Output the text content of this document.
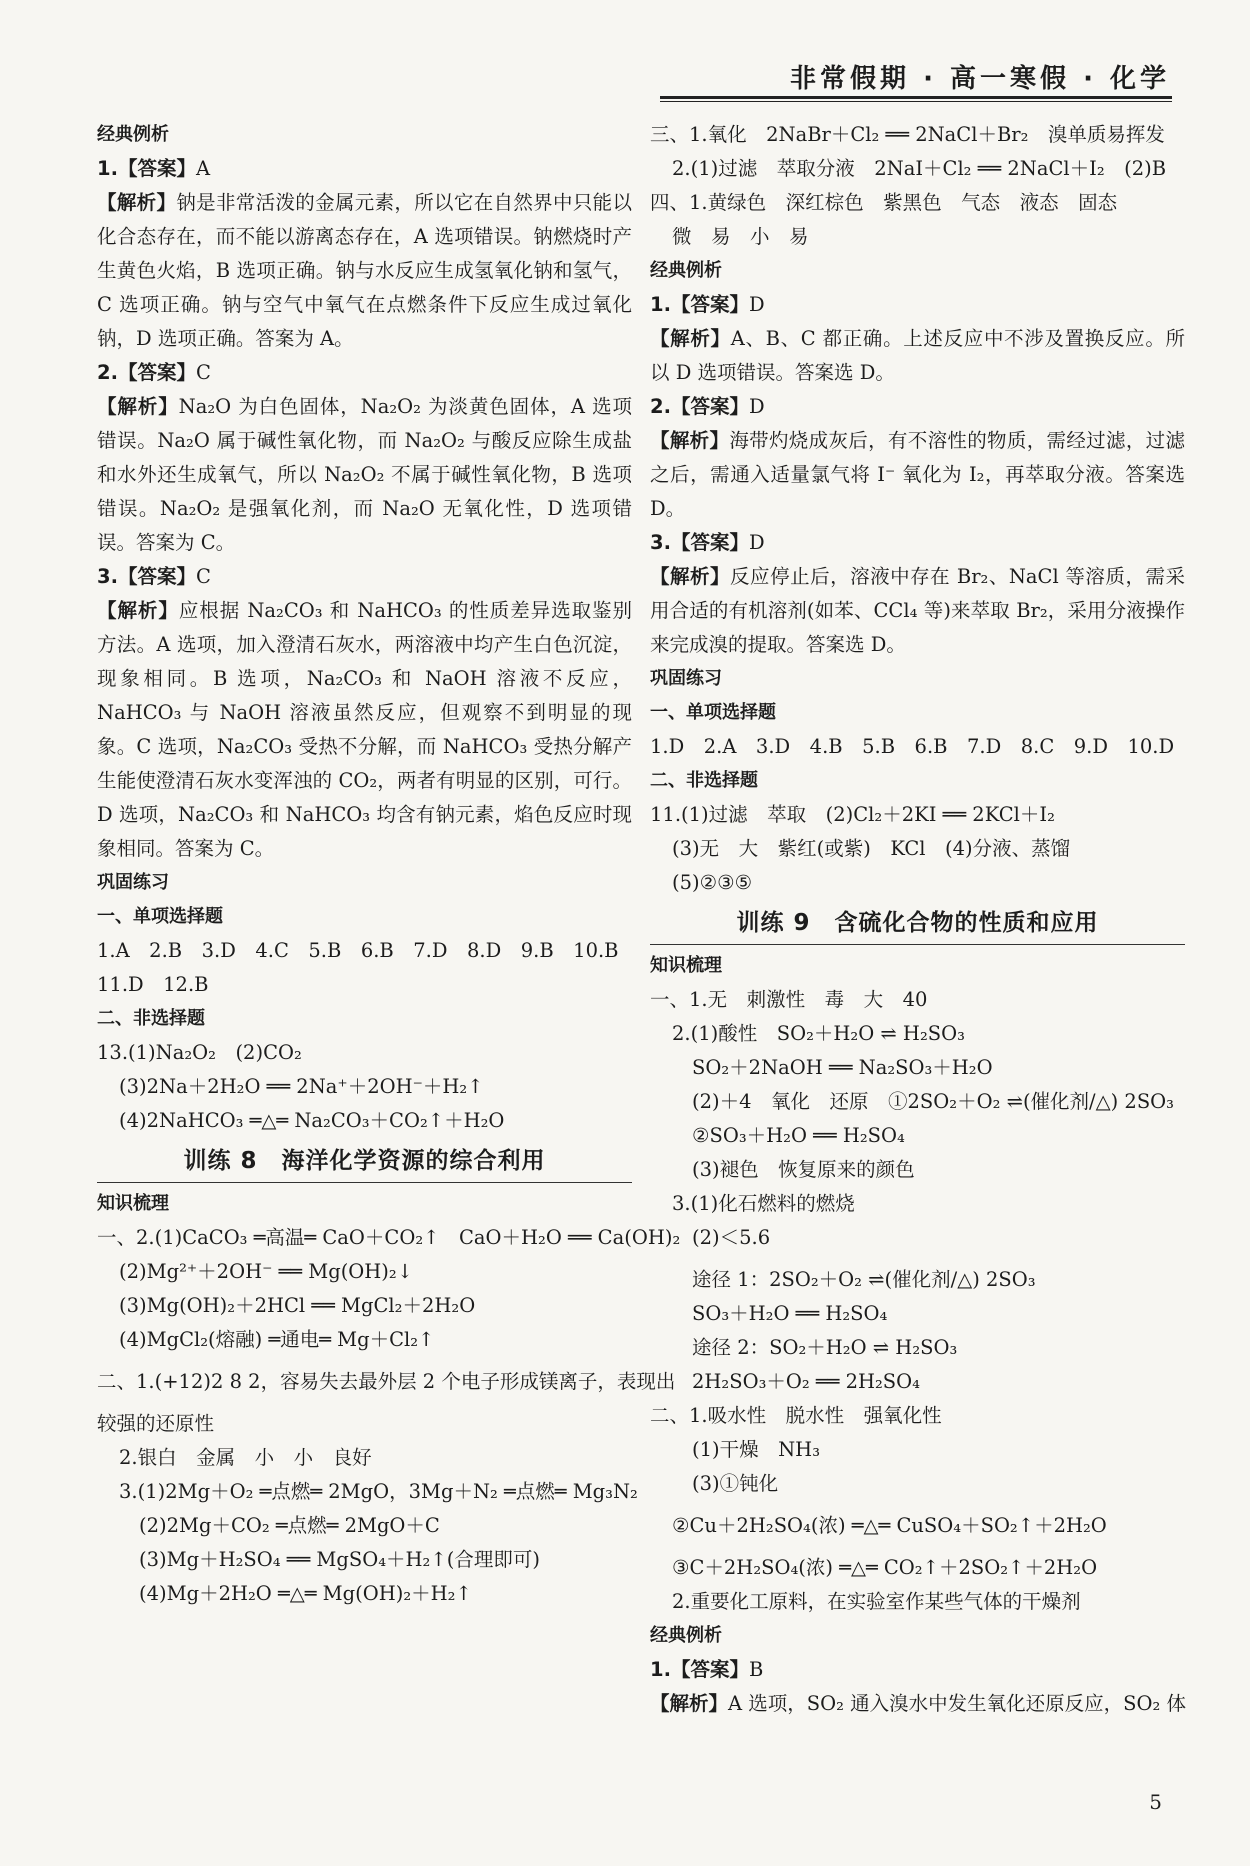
非常假期 · 高一寒假 · 化学
经典例析
1.【答案】A
【解析】钠是非常活泼的金属元素，所以它在自然界中只能以化合态存在，而不能以游离态存在，A 选项错误。钠燃烧时产生黄色火焰，B 选项正确。钠与水反应生成氢氧化钠和氢气，C 选项正确。钠与空气中氧气在点燃条件下反应生成过氧化钠，D 选项正确。答案为 A。
2.【答案】C
【解析】Na₂O 为白色固体，Na₂O₂ 为淡黄色固体，A 选项错误。Na₂O 属于碱性氧化物，而 Na₂O₂ 与酸反应除生成盐和水外还生成氧气，所以 Na₂O₂ 不属于碱性氧化物，B 选项错误。Na₂O₂ 是强氧化剂，而 Na₂O 无氧化性，D 选项错误。答案为 C。
3.【答案】C
【解析】应根据 Na₂CO₃ 和 NaHCO₃ 的性质差异选取鉴别方法。A 选项，加入澄清石灰水，两溶液中均产生白色沉淀，现象相同。B 选项，Na₂CO₃ 和 NaOH 溶液不反应，NaHCO₃ 与 NaOH 溶液虽然反应，但观察不到明显的现象。C 选项，Na₂CO₃ 受热不分解，而 NaHCO₃ 受热分解产生能使澄清石灰水变浑浊的 CO₂，两者有明显的区别，可行。D 选项，Na₂CO₃ 和 NaHCO₃ 均含有钠元素，焰色反应时现象相同。答案为 C。
巩固练习
一、单项选择题
1.A　2.B　3.D　4.C　5.B　6.B　7.D　8.D　9.B　10.B
11.D　12.B
二、非选择题
13.(1)Na₂O₂　(2)CO₂
(3)2Na＋2H₂O ══ 2Na⁺＋2OH⁻＋H₂↑
(4)2NaHCO₃ ═△═ Na₂CO₃＋CO₂↑＋H₂O
训练 8　海洋化学资源的综合利用
知识梳理
一、2.(1)CaCO₃ ═高温═ CaO＋CO₂↑　CaO＋H₂O ══ Ca(OH)₂
(2)Mg²⁺＋2OH⁻ ══ Mg(OH)₂↓
(3)Mg(OH)₂＋2HCl ══ MgCl₂＋2H₂O
(4)MgCl₂(熔融) ═通电═ Mg＋Cl₂↑
二、1.(+12)2 8 2，容易失去最外层 2 个电子形成镁离子，表现出
较强的还原性
2.银白　金属　小　小　良好
3.(1)2Mg＋O₂ ═点燃═ 2MgO，3Mg＋N₂ ═点燃═ Mg₃N₂
(2)2Mg＋CO₂ ═点燃═ 2MgO＋C
(3)Mg＋H₂SO₄ ══ MgSO₄＋H₂↑(合理即可)
(4)Mg＋2H₂O ═△═ Mg(OH)₂＋H₂↑
三、1.氧化　2NaBr＋Cl₂ ══ 2NaCl＋Br₂　溴单质易挥发
2.(1)过滤　萃取分液　2NaI＋Cl₂ ══ 2NaCl＋I₂　(2)B
四、1.黄绿色　深红棕色　紫黑色　气态　液态　固态
微　易　小　易
经典例析
1.【答案】D
【解析】A、B、C 都正确。上述反应中不涉及置换反应。所以 D 选项错误。答案选 D。
2.【答案】D
【解析】海带灼烧成灰后，有不溶性的物质，需经过滤，过滤之后，需通入适量氯气将 I⁻ 氧化为 I₂，再萃取分液。答案选 D。
3.【答案】D
【解析】反应停止后，溶液中存在 Br₂、NaCl 等溶质，需采用合适的有机溶剂(如苯、CCl₄ 等)来萃取 Br₂，采用分液操作来完成溴的提取。答案选 D。
巩固练习
一、单项选择题
1.D　2.A　3.D　4.B　5.B　6.B　7.D　8.C　9.D　10.D
二、非选择题
11.(1)过滤　萃取　(2)Cl₂＋2KI ══ 2KCl＋I₂
(3)无　大　紫红(或紫)　KCl　(4)分液、蒸馏
(5)②③⑤
训练 9　含硫化合物的性质和应用
知识梳理
一、1.无　刺激性　毒　大　40
2.(1)酸性　SO₂＋H₂O ⇌ H₂SO₃
SO₂＋2NaOH ══ Na₂SO₃＋H₂O
(2)＋4　氧化　还原　①2SO₂＋O₂ ⇌(催化剂/△) 2SO₃
②SO₃＋H₂O ══ H₂SO₄
(3)褪色　恢复原来的颜色
3.(1)化石燃料的燃烧
(2)＜5.6
途径 1：2SO₂＋O₂ ⇌(催化剂/△) 2SO₃
SO₃＋H₂O ══ H₂SO₄
途径 2：SO₂＋H₂O ⇌ H₂SO₃
2H₂SO₃＋O₂ ══ 2H₂SO₄
二、1.吸水性　脱水性　强氧化性
(1)干燥　NH₃
(3)①钝化
②Cu＋2H₂SO₄(浓) ═△═ CuSO₄＋SO₂↑＋2H₂O
③C＋2H₂SO₄(浓) ═△═ CO₂↑＋2SO₂↑＋2H₂O
2.重要化工原料，在实验室作某些气体的干燥剂
经典例析
1.【答案】B
【解析】A 选项，SO₂ 通入溴水中发生氧化还原反应，SO₂ 体
5
